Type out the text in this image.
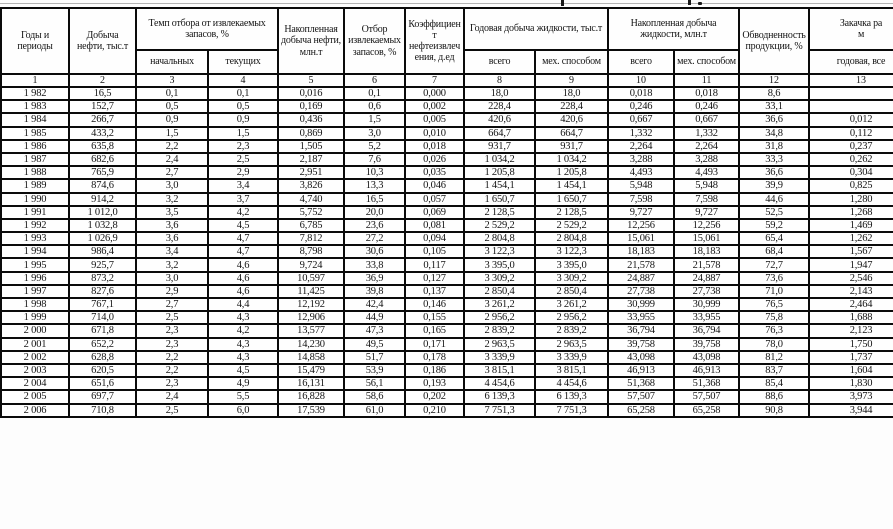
Годы и периоды	Добыча нефти, тыс.т	Темп отбора от извлекаемых запасов, %		Накопленная добыча нефти, млн.т	Отбор извлекаемых запасов, %	Коэффициент нефтеизвлечения, д.ед	Годовая добыча жидкости, тыс.т		Накопленная добыча жидкости, млн.т		Обводненность продукции, %	Закачка ра
м

		начальных	текущих				всего	мех. способом	всего	мех. способом		годовая, все
1	2	3	4	5	6	7	8	9	10	11	12	13
1 982	16,5	0,1	0,1	0,016	0,1	0,000	18,0	18,0	0,018	0,018	8,6	
1 983	152,7	0,5	0,5	0,169	0,6	0,002	228,4	228,4	0,246	0,246	33,1	
1 984	266,7	0,9	0,9	0,436	1,5	0,005	420,6	420,6	0,667	0,667	36,6	0,012
1 985	433,2	1,5	1,5	0,869	3,0	0,010	664,7	664,7	1,332	1,332	34,8	0,112
1 986	635,8	2,2	2,3	1,505	5,2	0,018	931,7	931,7	2,264	2,264	31,8	0,237
1 987	682,6	2,4	2,5	2,187	7,6	0,026	1 034,2	1 034,2	3,288	3,288	33,3	0,262
1 988	765,9	2,7	2,9	2,951	10,3	0,035	1 205,8	1 205,8	4,493	4,493	36,6	0,304
1 989	874,6	3,0	3,4	3,826	13,3	0,046	1 454,1	1 454,1	5,948	5,948	39,9	0,825
1 990	914,2	3,2	3,7	4,740	16,5	0,057	1 650,7	1 650,7	7,598	7,598	44,6	1,280
1 991	1 012,0	3,5	4,2	5,752	20,0	0,069	2 128,5	2 128,5	9,727	9,727	52,5	1,268
1 992	1 032,8	3,6	4,5	6,785	23,6	0,081	2 529,2	2 529,2	12,256	12,256	59,2	1,469
1 993	1 026,9	3,6	4,7	7,812	27,2	0,094	2 804,8	2 804,8	15,061	15,061	65,4	1,262
1 994	986,4	3,4	4,7	8,798	30,6	0,105	3 122,3	3 122,3	18,183	18,183	68,4	1,567
1 995	925,7	3,2	4,6	9,724	33,8	0,117	3 395,0	3 395,0	21,578	21,578	72,7	1,947
1 996	873,2	3,0	4,6	10,597	36,9	0,127	3 309,2	3 309,2	24,887	24,887	73,6	2,546
1 997	827,6	2,9	4,6	11,425	39,8	0,137	2 850,4	2 850,4	27,738	27,738	71,0	2,143
1 998	767,1	2,7	4,4	12,192	42,4	0,146	3 261,2	3 261,2	30,999	30,999	76,5	2,464
1 999	714,0	2,5	4,3	12,906	44,9	0,155	2 956,2	2 956,2	33,955	33,955	75,8	1,688
2 000	671,8	2,3	4,2	13,577	47,3	0,165	2 839,2	2 839,2	36,794	36,794	76,3	2,123
2 001	652,2	2,3	4,3	14,230	49,5	0,171	2 963,5	2 963,5	39,758	39,758	78,0	1,750
2 002	628,8	2,2	4,3	14,858	51,7	0,178	3 339,9	3 339,9	43,098	43,098	81,2	1,737
2 003	620,5	2,2	4,5	15,479	53,9	0,186	3 815,1	3 815,1	46,913	46,913	83,7	1,604
2 004	651,6	2,3	4,9	16,131	56,1	0,193	4 454,6	4 454,6	51,368	51,368	85,4	1,830
2 005	697,7	2,4	5,5	16,828	58,6	0,202	6 139,3	6 139,3	57,507	57,507	88,6	3,973
2 006	710,8	2,5	6,0	17,539	61,0	0,210	7 751,3	7 751,3	65,258	65,258	90,8	3,944
